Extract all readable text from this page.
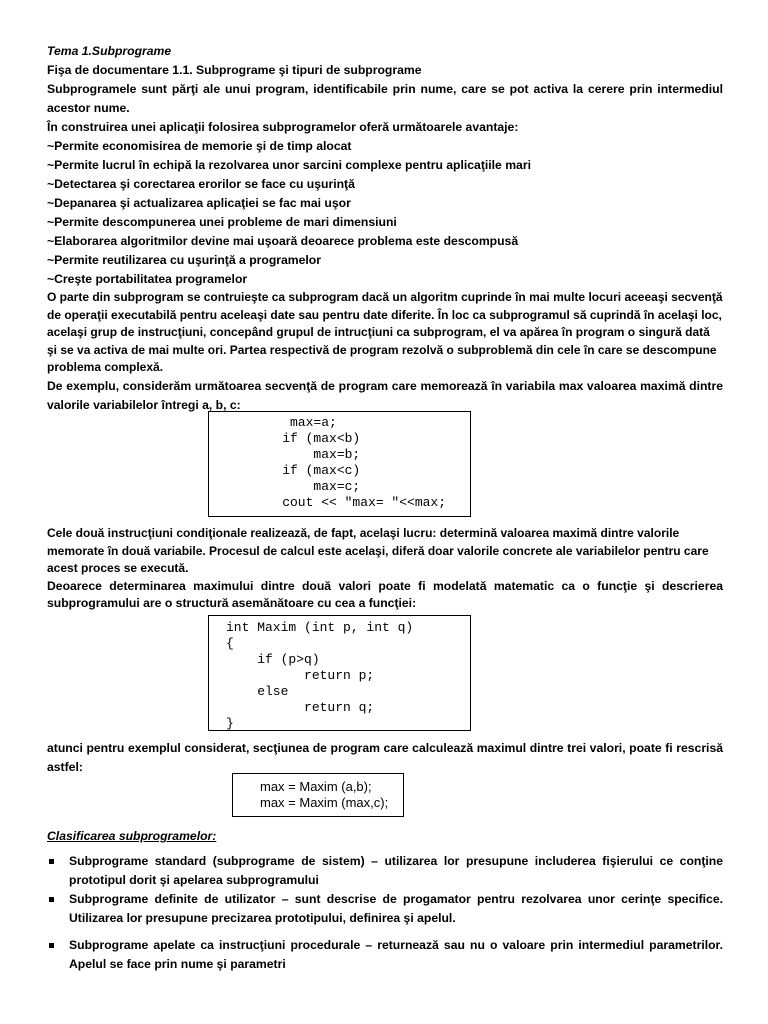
Tema 1.Subprograme

Fişa de documentare 1.1. Subprograme şi tipuri de subprograme

Subprogramele sunt părţi ale unui program, identificabile prin nume, care se pot activa la cerere prin intermediul acestor nume.

În construirea unei aplicaţii folosirea subprogramelor oferă următoarele avantaje:

~Permite economisirea de memorie şi de timp alocat
~Permite lucrul în echipă la rezolvarea unor sarcini complexe pentru aplicaţiile mari
~Detectarea şi corectarea erorilor se face cu uşurinţă
~Depanarea şi actualizarea aplicaţiei se fac mai uşor
~Permite descompunerea unei probleme de mari dimensiuni
~Elaborarea algoritmilor devine mai uşoară deoarece problema este descompusă
~Permite reutilizarea cu uşurinţă a programelor
~Creşte portabilitatea programelor

O parte din subprogram se contruieşte ca subprogram dacă un algoritm cuprinde în mai multe locuri aceeaşi secvenţă de operaţii executabilă pentru aceleaşi date sau pentru date diferite. În loc ca subprogramul să cuprindă în acelaşi loc, acelaşi grup de instrucţiuni, concepând grupul de intrucţiuni ca subprogram, el va apărea în program o singură dată şi se va activa de mai multe ori. Partea respectivă de program rezolvă o subproblemă din cele în care se descompune problema complexă.

De exemplu, considerăm următoarea secvenţă de program care memorează în variabila max valoarea maximă dintre valorile variabilelor întregi a, b, c:

max=a;
if (max<b)
max=b;
if (max<c)
max=c;
cout << "max= "<<max;

Cele două instrucţiuni condiţionale realizează, de fapt, acelaşi lucru: determină valoarea maximă dintre valorile memorate în două variabile. Procesul de calcul este acelaşi, diferă doar valorile concrete ale variabilelor pentru care acest proces se execută.

Deoarece determinarea maximului dintre două valori poate fi modelată matematic ca o funcţie şi descrierea subprogramului are o structură asemănătoare cu cea a funcţiei:

int Maxim (int p, int q)
{
if (p>q)
return p;
else
return q;
}

atunci pentru exemplul considerat, secţiunea de program care calculează maximul dintre trei valori, poate fi rescrisă astfel:

max = Maxim (a,b);
max = Maxim (max,c);

Clasificarea subprogramelor:

Subprograme standard (subprograme de sistem) – utilizarea lor presupune includerea fişierului ce conţine prototipul dorit şi apelarea subprogramului
Subprograme definite de utilizator – sunt descrise de progamator pentru rezolvarea unor cerinţe specifice. Utilizarea lor presupune precizarea prototipului, definirea şi apelul.
Subprograme apelate ca instrucţiuni procedurale – returnează sau nu o valoare prin intermediul parametrilor. Apelul se face prin nume şi parametri
